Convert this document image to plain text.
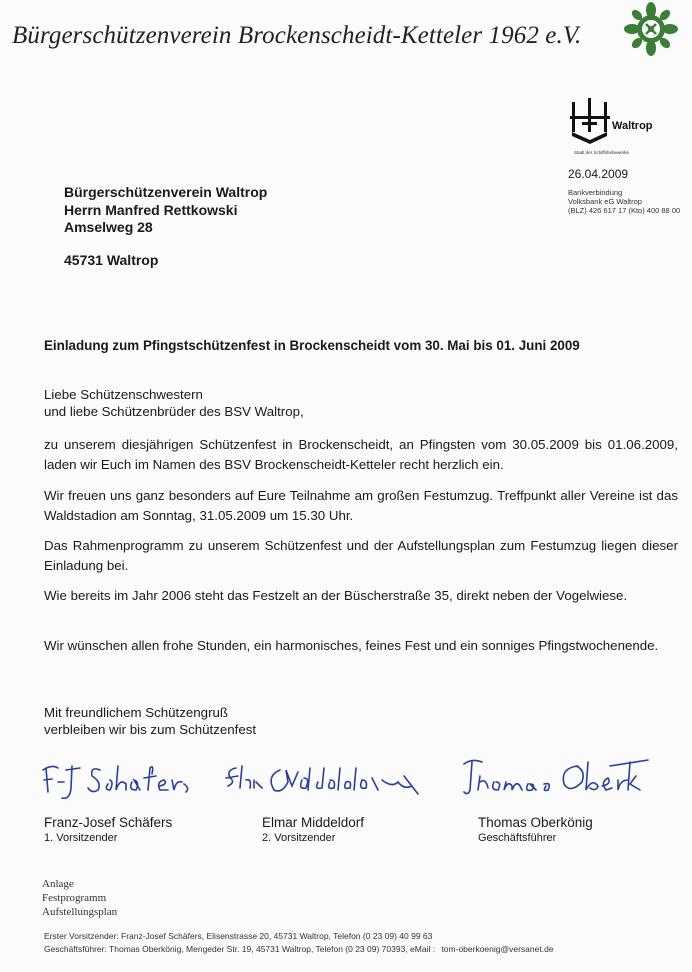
Bürgerschützenverein Brockenscheidt-Ketteler 1962 e.V.
Waltrop
Stadt der Schiffshebewerke
26.04.2009
Bankverbindung
Volksbank eG Waltrop
(BLZ) 426 617 17 (Kto) 400 88 00
Bürgerschützenverein Waltrop
Herrn Manfred Rettkowski
Amselweg 28
45731 Waltrop
Einladung zum Pfingstschützenfest in Brockenscheidt vom 30. Mai bis 01. Juni 2009
Liebe Schützenschwestern
und liebe Schützenbrüder des BSV Waltrop,
zu unserem diesjährigen Schützenfest in Brockenscheidt, an Pfingsten vom 30.05.2009 bis 01.06.2009, laden wir Euch im Namen des BSV Brockenscheidt-Ketteler recht herzlich ein.
Wir freuen uns ganz besonders auf Eure Teilnahme am großen Festumzug. Treffpunkt aller Vereine ist das Waldstadion am Sonntag, 31.05.2009 um 15.30 Uhr.
Das Rahmenprogramm zu unserem Schützenfest und der Aufstellungsplan zum Festumzug liegen dieser Einladung bei.
Wie bereits im Jahr 2006 steht das Festzelt an der Büscherstraße 35, direkt neben der Vogelwiese.
Wir wünschen allen frohe Stunden, ein harmonisches, feines Fest und ein sonniges Pfingstwochenende.
Mit freundlichem Schützengruß
verbleiben wir bis zum Schützenfest
Franz-Josef Schäfers
1. Vorsitzender
Elmar Middeldorf
2. Vorsitzender
Thomas Oberkönig
Geschäftsführer
Anlage
Festprogramm
Aufstellungsplan
Erster Vorsitzender: Franz-Josef Schäfers, Elisenstrasse 20, 45731 Waltrop, Telefon (0 23 09) 40 99 63
Geschäftsführer: Thomas Oberkönig, Mengeder Str. 19, 45731 Waltrop, Telefon (0 23 09) 70393, eMail : tom-oberkoenig@versanet.de
